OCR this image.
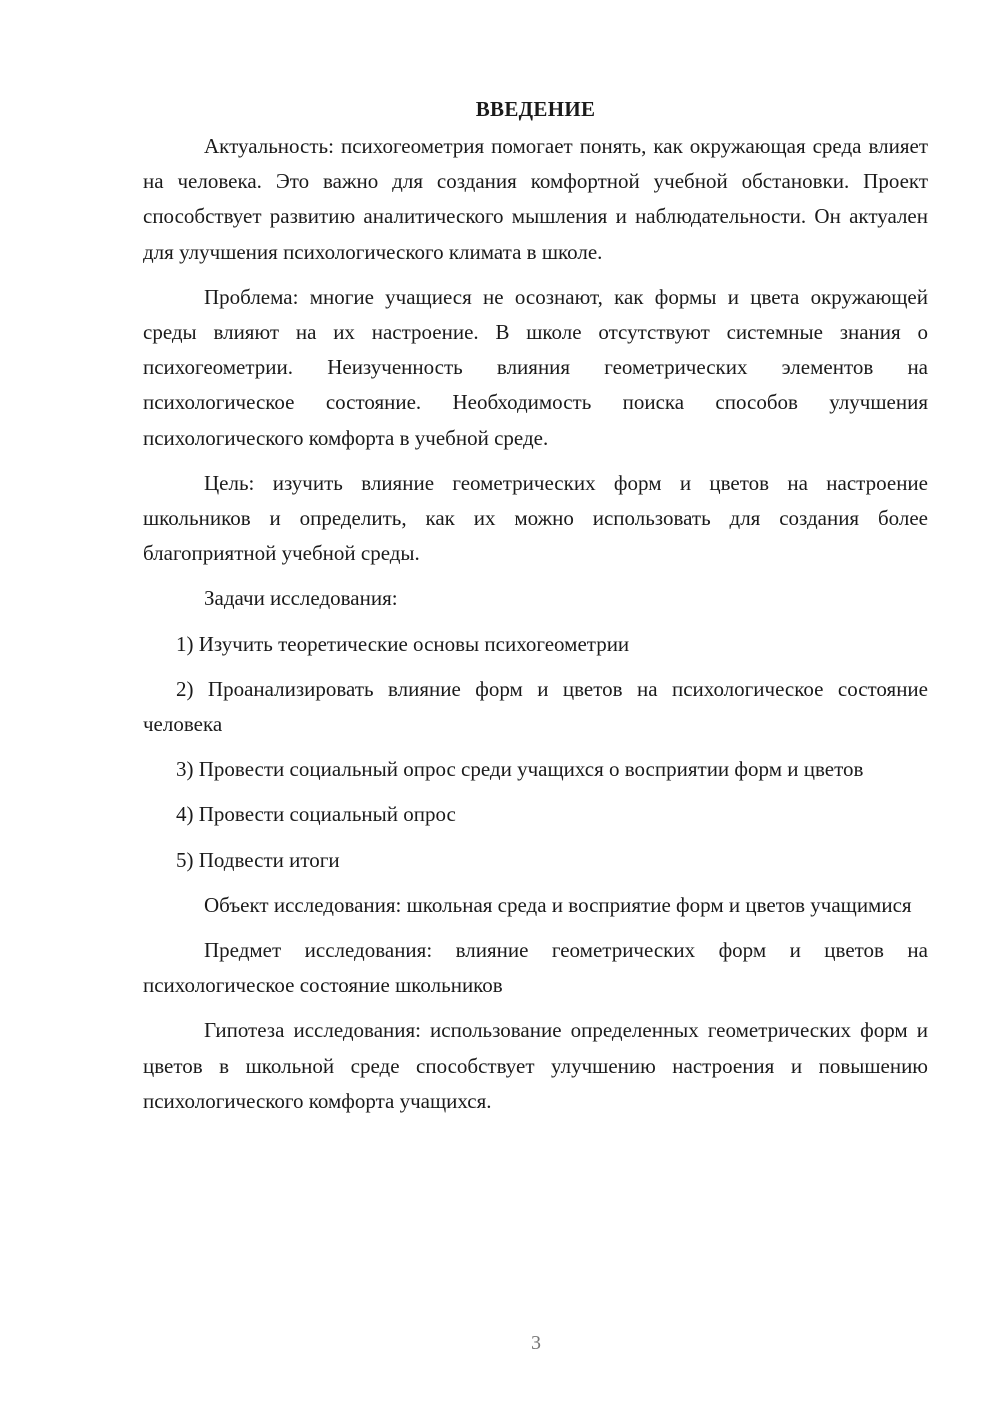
ВВЕДЕНИЕ

Актуальность: психогеометрия помогает понять, как окружающая среда влияет на человека. Это важно для создания комфортной учебной обстановки. Проект способствует развитию аналитического мышления и наблюдательности. Он актуален для улучшения психологического климата в школе.

Проблема: многие учащиеся не осознают, как формы и цвета окружающей среды влияют на их настроение. В школе отсутствуют системные знания о психогеометрии. Неизученность влияния геометрических элементов на психологическое состояние. Необходимость поиска способов улучшения психологического комфорта в учебной среде.

Цель: изучить влияние геометрических форм и цветов на настроение школьников и определить, как их можно использовать для создания более благоприятной учебной среды.

Задачи исследования:

1) Изучить теоретические основы психогеометрии

2) Проанализировать влияние форм и цветов на психологическое состояние человека

3) Провести социальный опрос среди учащихся о восприятии форм и цветов

4) Провести социальный опрос

5) Подвести итоги

Объект исследования: школьная среда и восприятие форм и цветов учащимися

Предмет исследования: влияние геометрических форм и цветов на психологическое состояние школьников

Гипотеза исследования: использование определенных геометрических форм и цветов в школьной среде способствует улучшению настроения и повышению психологического комфорта учащихся.

3
